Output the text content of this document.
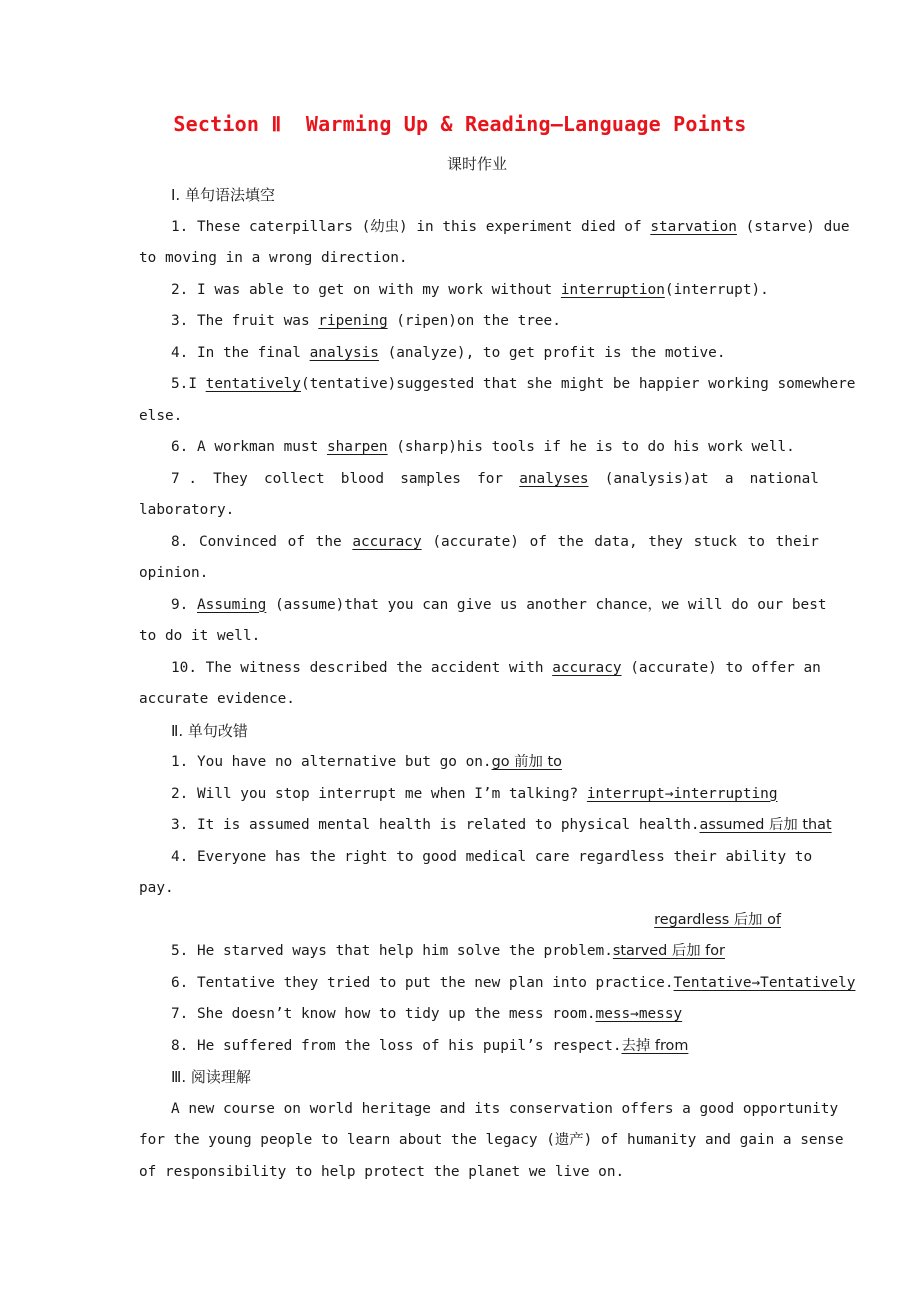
Section Ⅱ  Warming Up & Reading—Language Points
课时作业
Ⅰ. 单句语法填空
1. These caterpillars (幼虫) in this experiment died of starvation (starve) due
to moving in a wrong direction.
2. I was able to get on with my work without interruption(interrupt).
3. The fruit was ripening (ripen)on the tree.
4. In the final analysis (analyze), to get profit is the motive.
5.I tentatively(tentative)suggested that she might be happier working somewhere
else.
6. A workman must sharpen (sharp)his tools if he is to do his work well.
7 . They collect blood samples for analyses (analysis)at a national
laboratory.
8. Convinced of the accuracy (accurate) of the data, they stuck to their
opinion.
9. Assuming (assume)that you can give us another chance，we will do our best
to do it well.
10. The witness described the accident with accuracy (accurate) to offer an
accurate evidence.
Ⅱ. 单句改错
1. You have no alternative but go on.go 前加 to
2. Will you stop interrupt me when I’m talking? interrupt→interrupting
3. It is assumed mental health is related to physical health.assumed 后加 that
4. Everyone has the right to good medical care regardless their ability to
pay.
regardless 后加 of
5. He starved ways that help him solve the problem.starved 后加 for
6. Tentative they tried to put the new plan into practice.Tentative→Tentatively
7. She doesn’t know how to tidy up the mess room.mess→messy
8. He suffered from the loss of his pupil’s respect.去掉 from
Ⅲ. 阅读理解
A new course on world heritage and its conservation offers a good opportunity
for the young people to learn about the legacy (遗产) of humanity and gain a sense
of responsibility to help protect the planet we live on.
